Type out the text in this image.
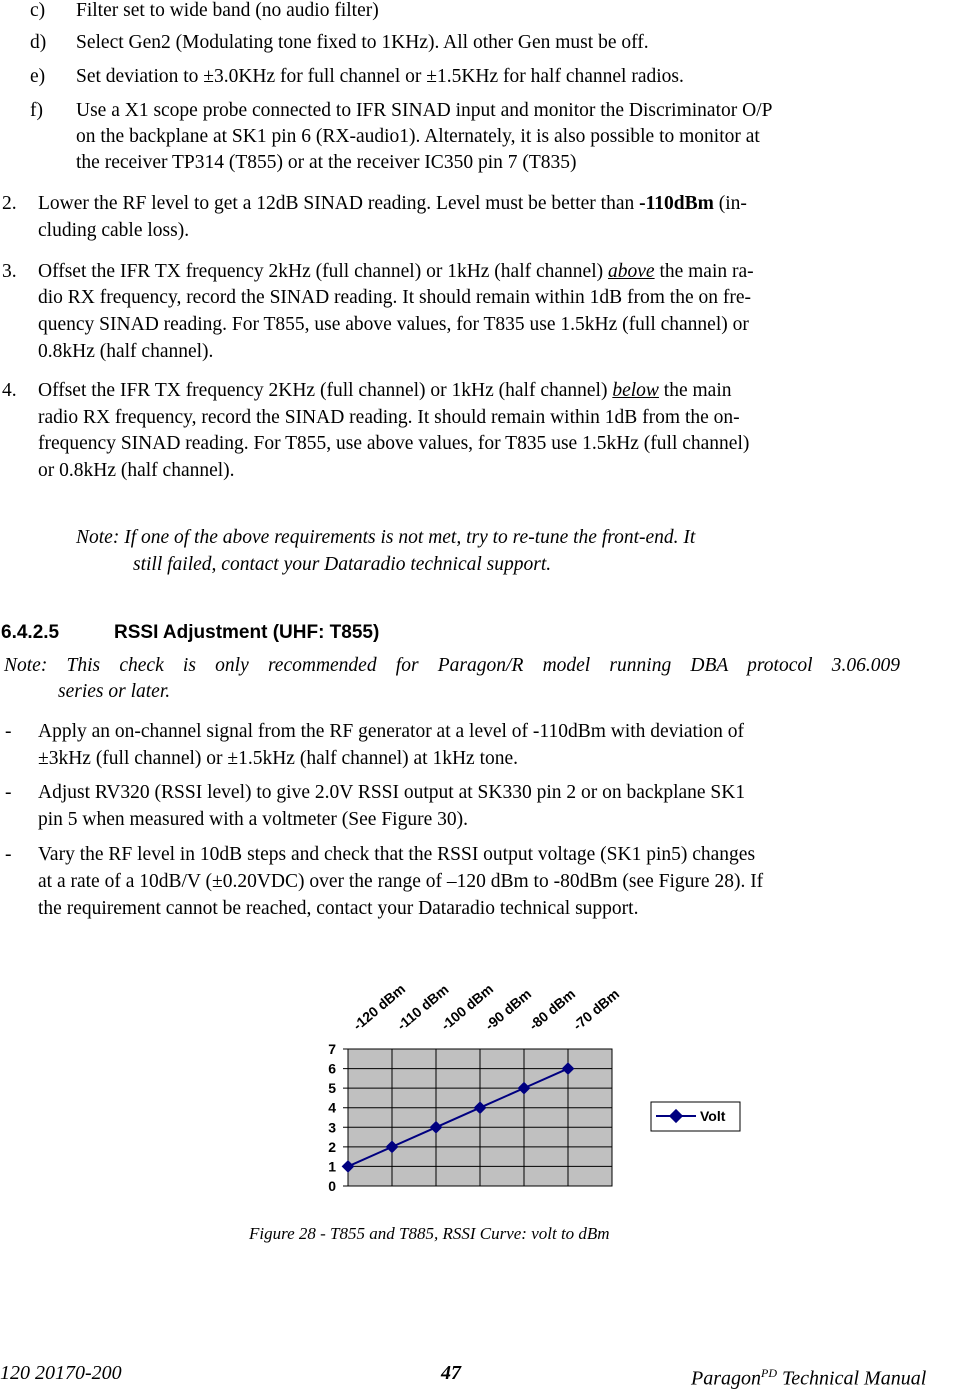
c) Filter set to wide band (no audio filter)
d) Select Gen2 (Modulating tone fixed to 1KHz). All other Gen must be off.
e) Set deviation to ±3.0KHz for full channel or ±1.5KHz for half channel radios.
f) Use a X1 scope probe connected to IFR SINAD input and monitor the Discriminator O/P
on the backplane at SK1 pin 6 (RX-audio1). Alternately, it is also possible to monitor at
the receiver TP314 (T855) or at the receiver IC350 pin 7 (T835)
2. Lower the RF level to get a 12dB SINAD reading. Level must be better than -110dBm (in-
cluding cable loss).
3. Offset the IFR TX frequency 2kHz (full channel) or 1kHz (half channel) above the main ra-
dio RX frequency, record the SINAD reading. It should remain within 1dB from the on fre-
quency SINAD reading. For T855, use above values, for T835 use 1.5kHz (full channel) or
0.8kHz (half channel).
4. Offset the IFR TX frequency 2KHz (full channel) or 1kHz (half channel) below the main
radio RX frequency, record the SINAD reading. It should remain within 1dB from the on-
frequency SINAD reading. For T855, use above values, for T835 use 1.5kHz (full channel)
or 0.8kHz (half channel).
Note: If one of the above requirements is not met, try to re-tune the front-end. It
still failed, contact your Dataradio technical support.
6.4.2.5	RSSI Adjustment (UHF: T855)
Note: This check is only recommended for Paragon/R model running DBA protocol 3.06.009
series or later.
- Apply an on-channel signal from the RF generator at a level of -110dBm with deviation of
±3kHz (full channel) or ±1.5kHz (half channel) at 1kHz tone.
- Adjust RV320 (RSSI level) to give 2.0V RSSI output at SK330 pin 2 or on backplane SK1
pin 5 when measured with a voltmeter (See Figure 30).
- Vary the RF level in 10dB steps and check that the RSSI output voltage (SK1 pin5) changes
at a rate of a 10dB/V (±0.20VDC) over the range of –120 dBm to -80dBm (see Figure 28). If
the requirement cannot be reached, contact your Dataradio technical support.
0
1
2
3
4
5
6
7
-120 dBm
-110 dBm
-100 dBm
-90 dBm
-80 dBm
-70 dBm
Volt
Figure 28 - T855 and T885, RSSI Curve: volt to dBm
120 20170-200	47	Paragon$^{PD}$ Technical Manual
